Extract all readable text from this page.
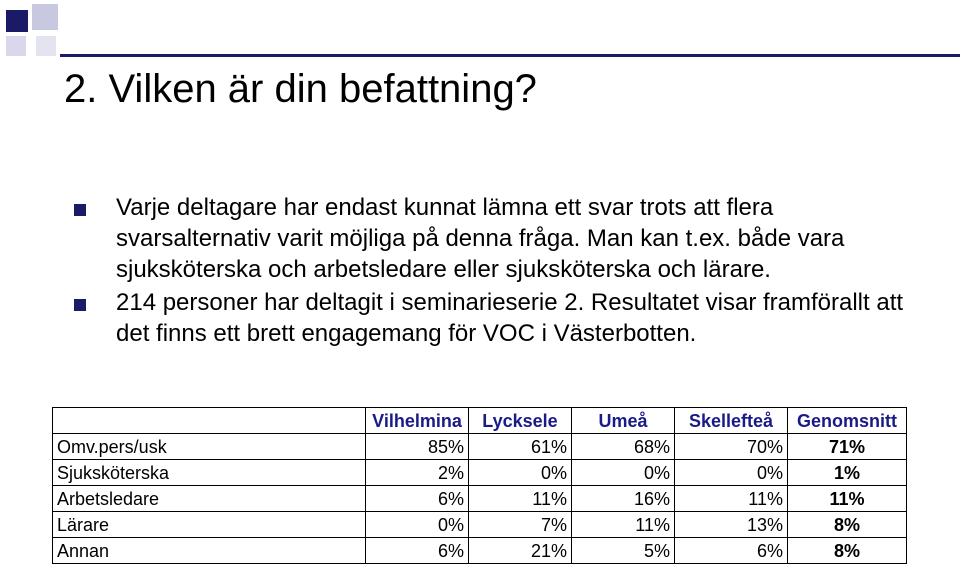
2. Vilken är din befattning?
Varje deltagare har endast kunnat lämna ett svar trots att flera svarsalternativ varit möjliga på denna fråga. Man kan t.ex. både vara sjuksköterska och arbetsledare eller sjuksköterska och lärare.
214 personer har deltagit i seminarieserie 2. Resultatet visar framförallt att det finns ett brett engagemang för VOC i Västerbotten.
	Vilhelmina	Lycksele	Umeå	Skellefteå	Genomsnitt
Omv.pers/usk	85%	61%	68%	70%	71%
Sjuksköterska	2%	0%	0%	0%	1%
Arbetsledare	6%	11%	16%	11%	11%
Lärare	0%	7%	11%	13%	8%
Annan	6%	21%	5%	6%	8%
